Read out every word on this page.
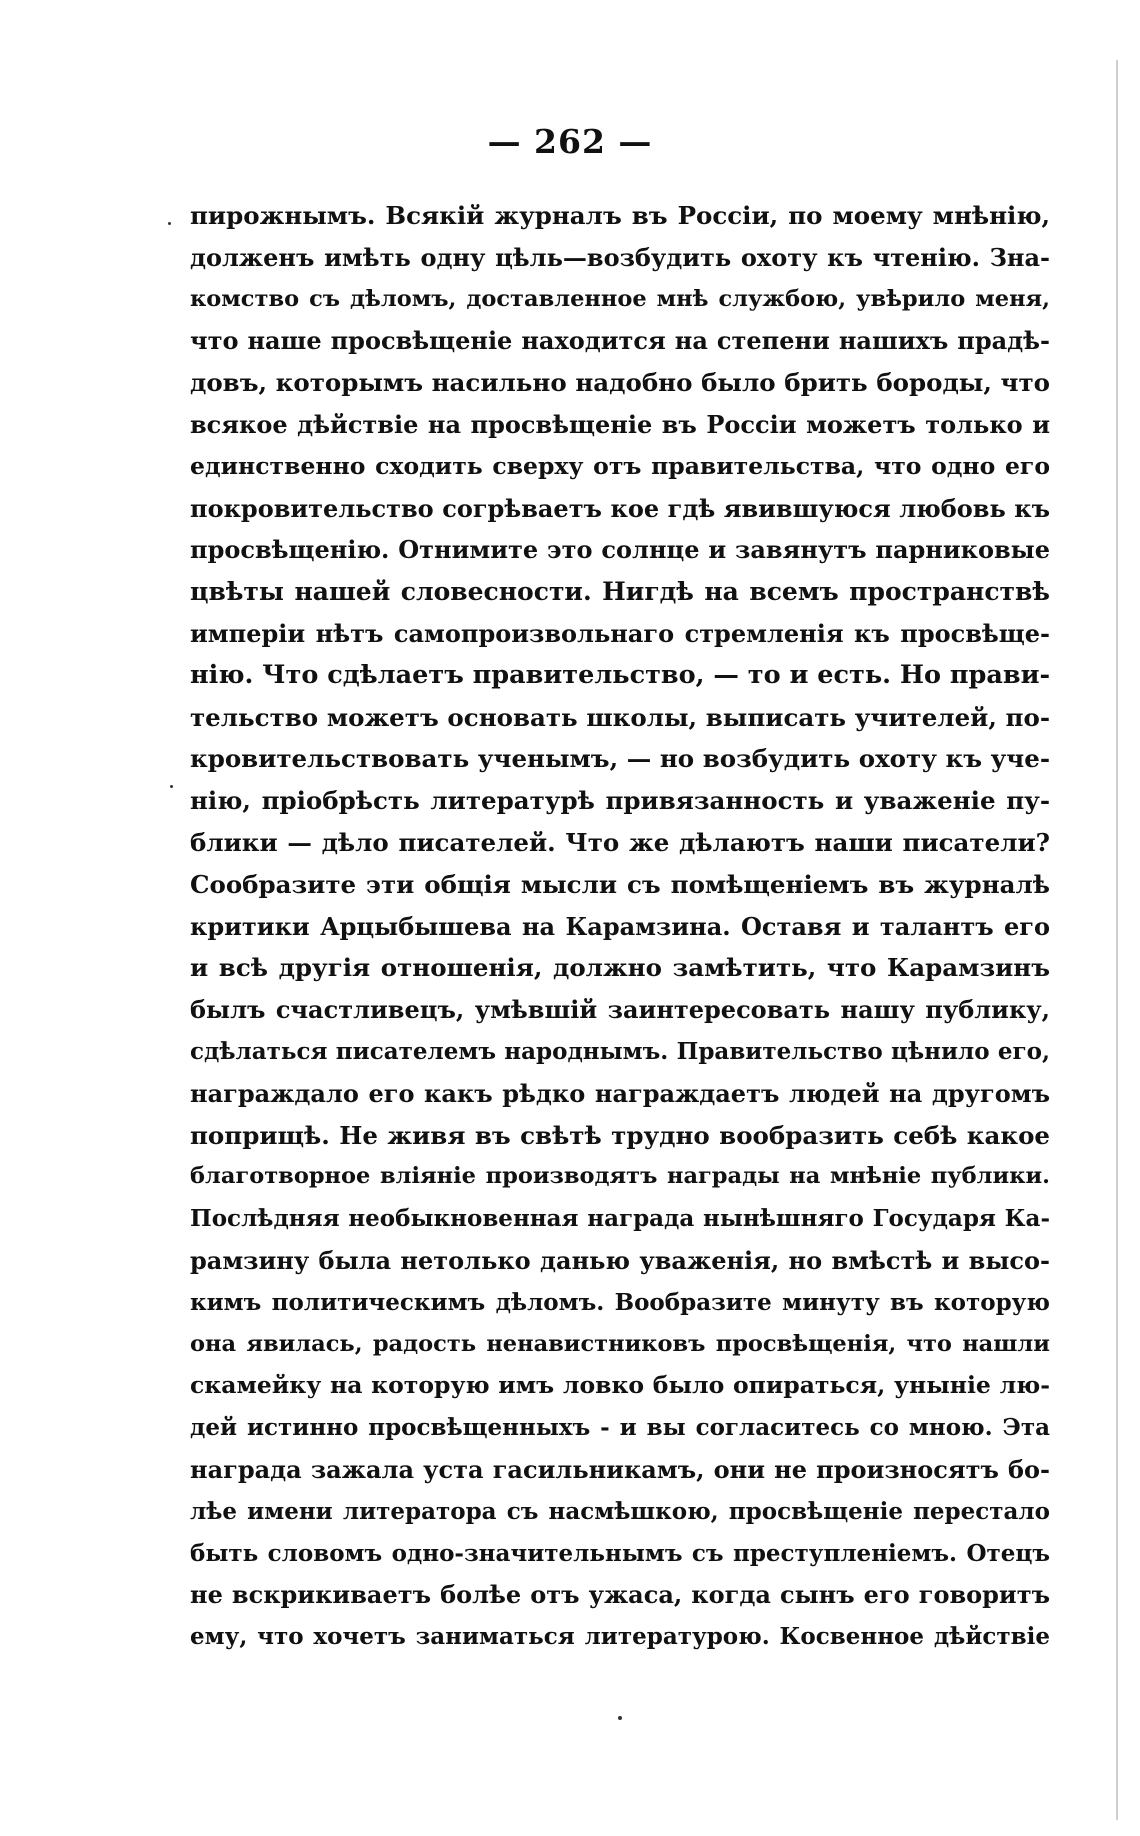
— 262 —
пирожнымъ. Всякій журналъ въ Россіи, по моему мнѣнію,
долженъ имѣть одну цѣль—возбудить охоту къ чтенію. Зна-
комство съ дѣломъ, доставленное мнѣ службою, увѣрило меня,
что наше просвѣщеніе находится на степени нашихъ прадѣ-
довъ, которымъ насильно надобно было брить бороды, что
всякое дѣйствіе на просвѣщеніе въ Россіи можетъ только и
единственно сходить сверху отъ правительства, что одно его
покровительство согрѣваетъ кое гдѣ явившуюся любовь къ
просвѣщенію. Отнимите это солнце и завянутъ парниковые
цвѣты нашей словесности. Нигдѣ на всемъ пространствѣ
имперіи нѣтъ самопроизвольнаго стремленія къ просвѣще-
нію. Что сдѣлаетъ правительство, — то и есть. Но прави-
тельство можетъ основать школы, выписать учителей, по-
кровительствовать ученымъ, — но возбудить охоту къ уче-
нію, пріобрѣсть литературѣ привязанность и уваженіе пу-
блики — дѣло писателей. Что же дѣлаютъ наши писатели?
Сообразите эти общія мысли съ помѣщеніемъ въ журналѣ
критики Арцыбышева на Карамзина. Оставя и талантъ его
и всѣ другія отношенія, должно замѣтить, что Карамзинъ
былъ счастливецъ, умѣвшій заинтересовать нашу публику,
сдѣлаться писателемъ народнымъ. Правительство цѣнило его,
награждало его какъ рѣдко награждаетъ людей на другомъ
поприщѣ. Не живя въ свѣтѣ трудно вообразить себѣ какое
благотворное вліяніе производятъ награды на мнѣніе публики.
Послѣдняя необыкновенная награда нынѣшняго Государя Ка-
рамзину была нетолько данью уваженія, но вмѣстѣ и высо-
кимъ политическимъ дѣломъ. Вообразите минуту въ которую
она явилась, радость ненавистниковъ просвѣщенія, что нашли
скамейку на которую имъ ловко было опираться, уныніе лю-
дей истинно просвѣщенныхъ - и вы согласитесь со мною. Эта
награда зажала уста гасильникамъ, они не произносятъ бо-
лѣе имени литератора съ насмѣшкою, просвѣщеніе перестало
быть словомъ одно-значительнымъ съ преступленіемъ. Отецъ
не вскрикиваетъ болѣе отъ ужаса, когда сынъ его говоритъ
ему, что хочетъ заниматься литературою. Косвенное дѣйствіе
